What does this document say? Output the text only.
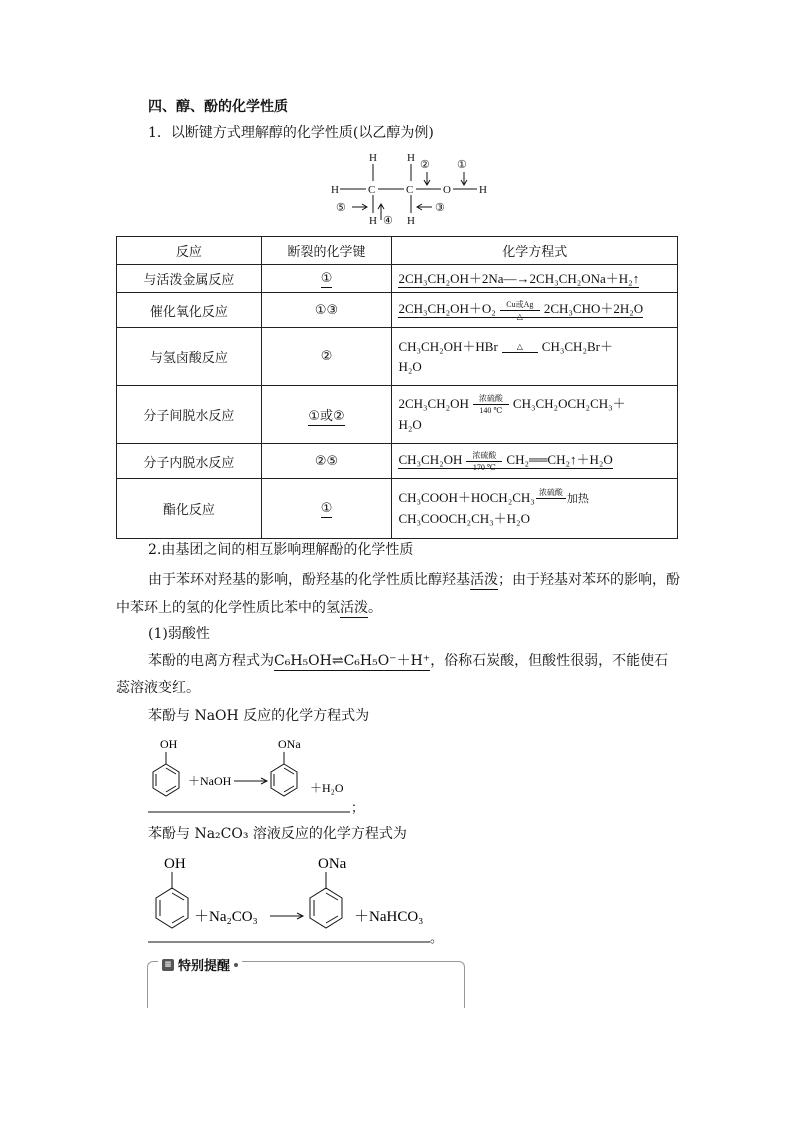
四、醇、酚的化学性质
1．以断键方式理解醇的化学性质(以乙醇为例)
H	H
H	C	C	O	H
H	H
② ①
⑤	③
④
反应	断裂的化学键	化学方程式
与活泼金属反应	①	2CH₃CH₂OH＋2Na—→2CH₃CH₂ONa＋H₂↑
催化氧化反应	①③	2CH₃CH₂OH＋O₂ Cu或Ag
△
2CH₃CHO＋2H₂O
与氢卤酸反应	②	CH₃CH₂OH＋HBr △ CH₃CH₂Br＋
H₂O
分子间脱水反应	①或②	2CH₃CH₂OH 浓硫酸
140 ℃
CH₃CH₂OCH₂CH₃＋
H₂O
分子内脱水反应	②⑤	CH₃CH₂OH 浓硫酸
170 ℃
CH₂══CH₂↑＋H₂O
酯化反应	①	CH₃COOH＋HOCH₂CH₃ 浓硫酸
加热
CH₃COOCH₂CH₃＋H₂O
2.由基团之间的相互影响理解酚的化学性质
由于苯环对羟基的影响，酚羟基的化学性质比醇羟基活泼；由于羟基对苯环的影响，酚
中苯环上的氢的化学性质比苯中的氢活泼。
(1)弱酸性
苯酚的电离方程式为C₆H₅OH⇌C₆H₅O⁻＋H⁺，俗称石炭酸，但酸性很弱，不能使石
蕊溶液变红。
苯酚与 NaOH 反应的化学方程式为
OH
＋NaOH
ONa
＋H₂O
；
苯酚与 Na₂CO₃ 溶液反应的化学方程式为
OH
＋Na₂CO₃
ONa
＋NaHCO₃
。
≡ 特别提醒
